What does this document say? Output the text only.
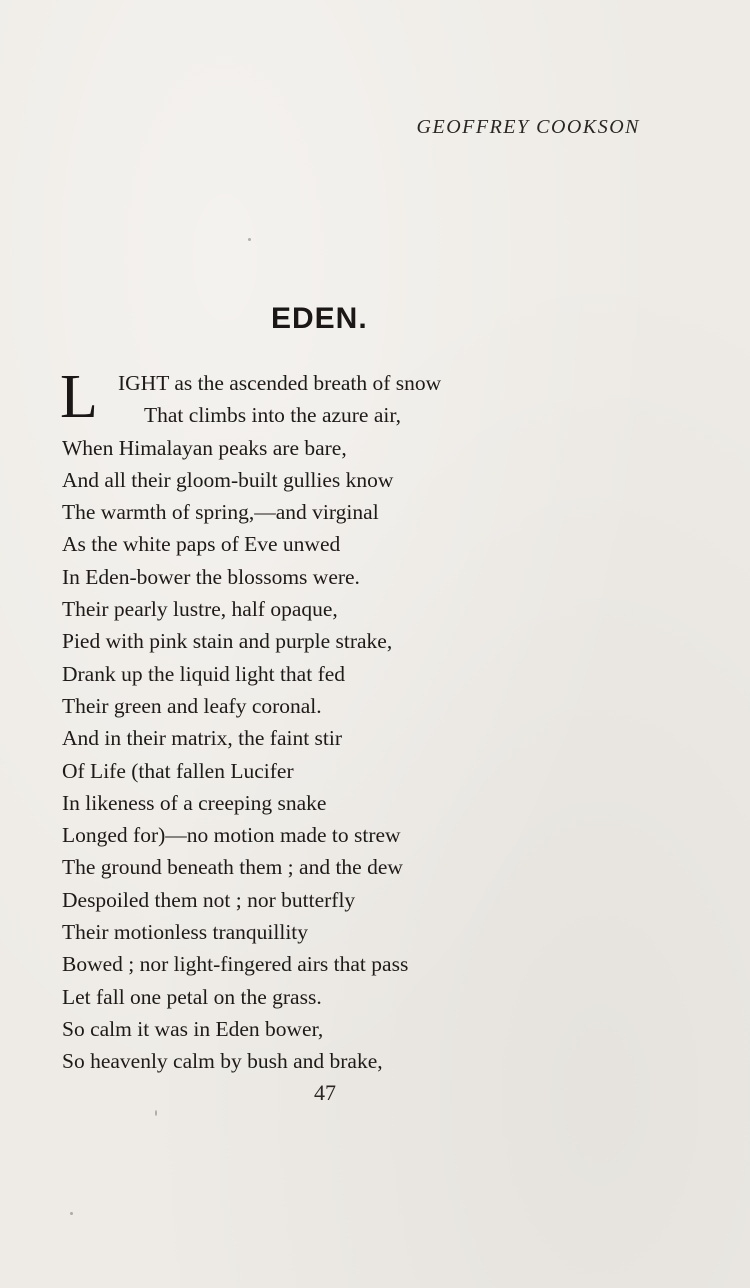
GEOFFREY COOKSON
EDEN.
L IGHT as the ascended breath of snow
That climbs into the azure air,
When Himalayan peaks are bare,
And all their gloom-built gullies know
The warmth of spring,—and virginal
As the white paps of Eve unwed
In Eden-bower the blossoms were.
Their pearly lustre, half opaque,
Pied with pink stain and purple strake,
Drank up the liquid light that fed
Their green and leafy coronal.
And in their matrix, the faint stir
Of Life (that fallen Lucifer
In likeness of a creeping snake
Longed for)—no motion made to strew
The ground beneath them ; and the dew
Despoiled them not ; nor butterfly
Their motionless tranquillity
Bowed ; nor light-fingered airs that pass
Let fall one petal on the grass.
So calm it was in Eden bower,
So heavenly calm by bush and brake,
47
